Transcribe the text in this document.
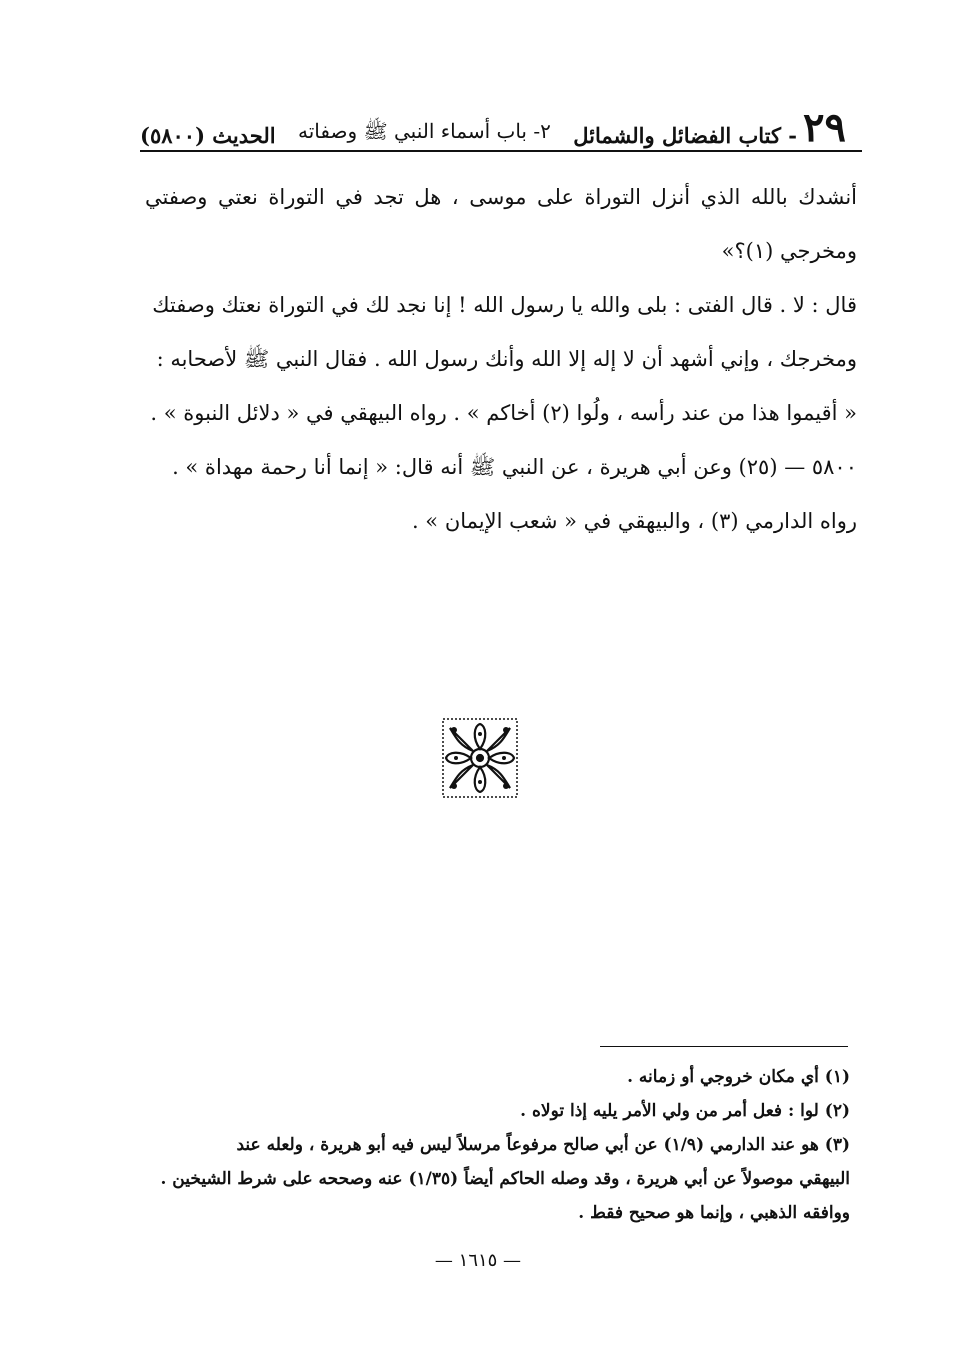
٢٩
- كتاب الفضائل والشمائل
٢- باب أسماء النبي ﷺ وصفاته
الحديث (٥٨٠٠)

أنشدك بالله الذي أنزل التوراة على موسى ، هل تجد في التوراة نعتي وصفتي ومخرجي (١)؟»

قال : لا . قال الفتى : بلى والله يا رسول الله ! إنا نجد لك في التوراة نعتك وصفتك

ومخرجك ، وإني أشهد أن لا إله إلا الله وأنك رسول الله . فقال النبي ﷺ لأصحابه :

« أقيموا هذا من عند رأسه ، ولُوا (٢) أخاكم » . رواه البيهقي في « دلائل النبوة » .

٥٨٠٠ — (٢٥) وعن أبي هريرة ، عن النبي ﷺ أنه قال: « إنما أنا رحمة مهداة » .

رواه الدارمي (٣) ، والبيهقي في « شعب الإيمان » .

(١) أي مكان خروجي أو زمانه .

(٢) لوا : فعل أمر من ولي الأمر يليه إذا تولاه .

(٣) هو عند الدارمي (١/٩) عن أبي صالح مرفوعاً مرسلاً ليس فيه أبو هريرة ، ولعله عند

البيهقي موصولاً عن أبي هريرة ، وقد وصله الحاكم أيضاً (١/٣٥) عنه وصححه على شرط الشيخين .

ووافقه الذهبي ، وإنما هو صحيح فقط .

— ١٦١٥ —
